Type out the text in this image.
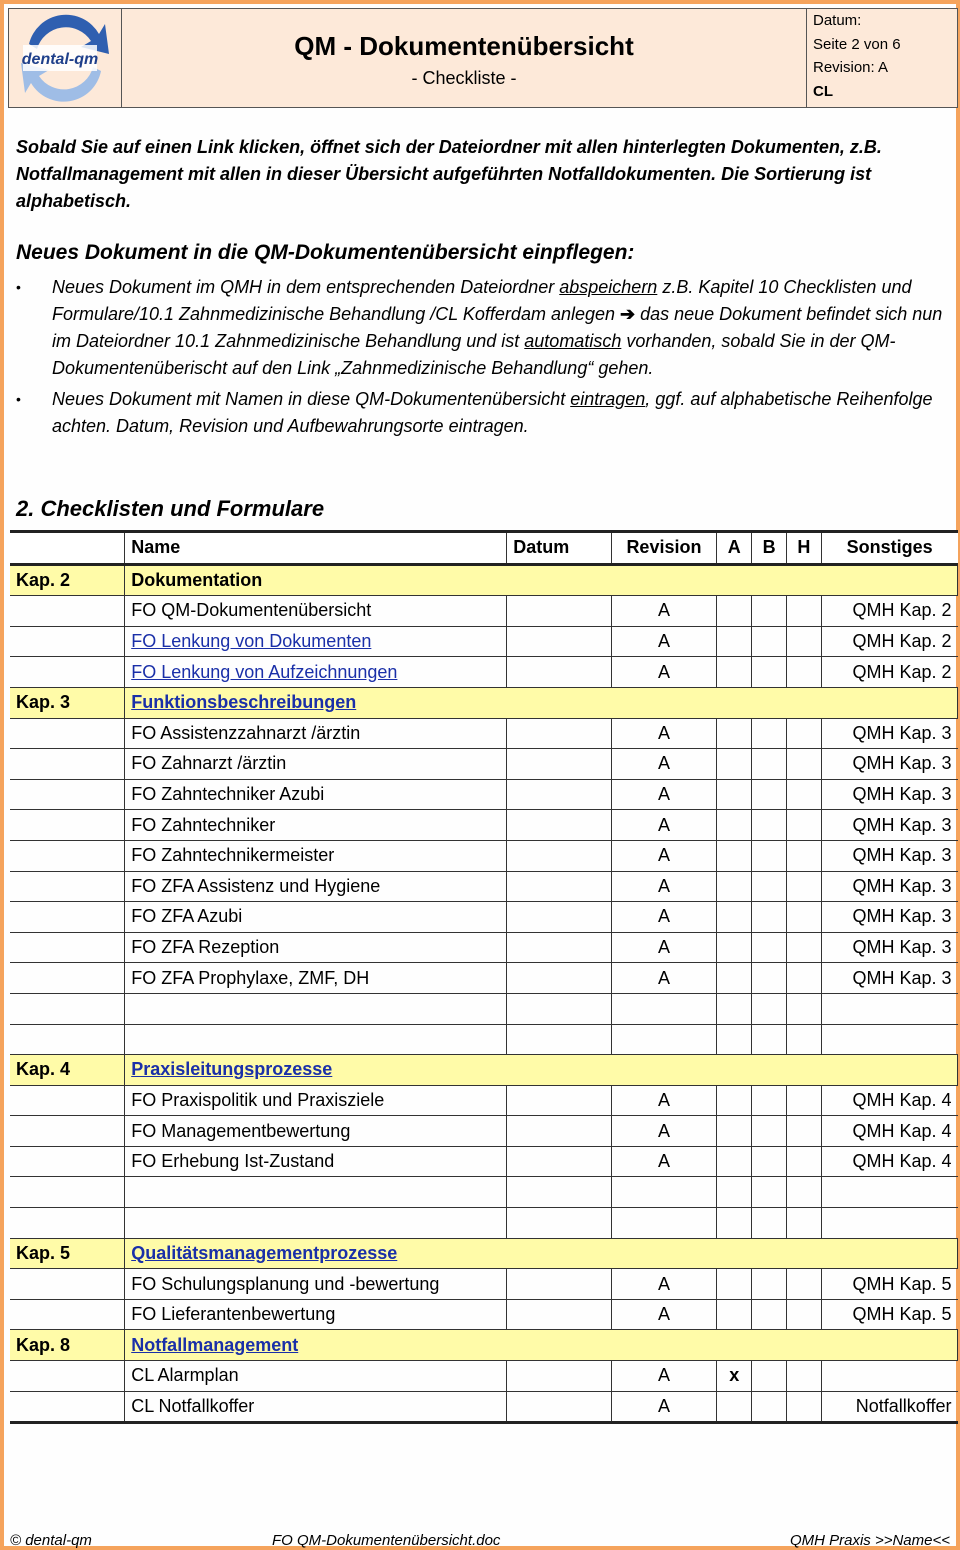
dental-qm	QM - Dokumentenübersicht
- Checkliste -
Datum:
Seite 2 von 6
Revision: A
CL
Sobald Sie auf einen Link klicken, öffnet sich der Dateiordner mit allen hinterlegten Dokumenten, z.B. Notfallmanagement mit allen in dieser Übersicht aufgeführten Notfalldokumenten. Die Sortierung ist alphabetisch.
Neues Dokument in die QM-Dokumentenübersicht einpflegen:
• Neues Dokument im QMH in dem entsprechenden Dateiordner abspeichern z.B. Kapitel 10 Checklisten und Formulare/10.1 Zahnmedizinische Behandlung /CL Kofferdam anlegen ➔ das neue Dokument befindet sich nun im Dateiordner 10.1 Zahnmedizinische Behandlung und ist automatisch vorhanden, sobald Sie in der QM-Dokumentenüberischt auf den Link „Zahnmedizinische Behandlung“ gehen.
• Neues Dokument mit Namen in diese QM-Dokumentenübersicht eintragen, ggf. auf alphabetische Reihenfolge achten. Datum, Revision und Aufbewahrungsorte eintragen.
2. Checklisten und Formulare
	Name	Datum	Revision	A	B	H	Sonstiges
Kap. 2	Dokumentation						
	FO QM-Dokumentenübersicht		A				QMH Kap. 2
	FO Lenkung von Dokumenten		A				QMH Kap. 2
	FO Lenkung von Aufzeichnungen		A				QMH Kap. 2
Kap. 3	Funktionsbeschreibungen						
	FO Assistenzzahnarzt /ärztin		A				QMH Kap. 3
	FO Zahnarzt /ärztin		A				QMH Kap. 3
	FO Zahntechniker Azubi		A				QMH Kap. 3
	FO Zahntechniker		A				QMH Kap. 3
	FO Zahntechnikermeister		A				QMH Kap. 3
	FO ZFA Assistenz und Hygiene		A				QMH Kap. 3
	FO ZFA Azubi		A				QMH Kap. 3
	FO ZFA Rezeption		A				QMH Kap. 3
	FO ZFA Prophylaxe, ZMF, DH		A				QMH Kap. 3

Kap. 4	Praxisleitungsprozesse						
	FO Praxispolitik und Praxisziele		A				QMH Kap. 4
	FO Managementbewertung		A				QMH Kap. 4
	FO Erhebung Ist-Zustand		A				QMH Kap. 4

Kap. 5	Qualitätsmanagementprozesse						
	FO Schulungsplanung und -bewertung		A				QMH Kap. 5
	FO Lieferantenbewertung		A				QMH Kap. 5
Kap. 8	Notfallmanagement						
	CL Alarmplan		A	x			
	CL Notfallkoffer		A				Notfallkoffer
© dental-qm	FO QM-Dokumentenübersicht.doc	QMH Praxis >>Name<<
